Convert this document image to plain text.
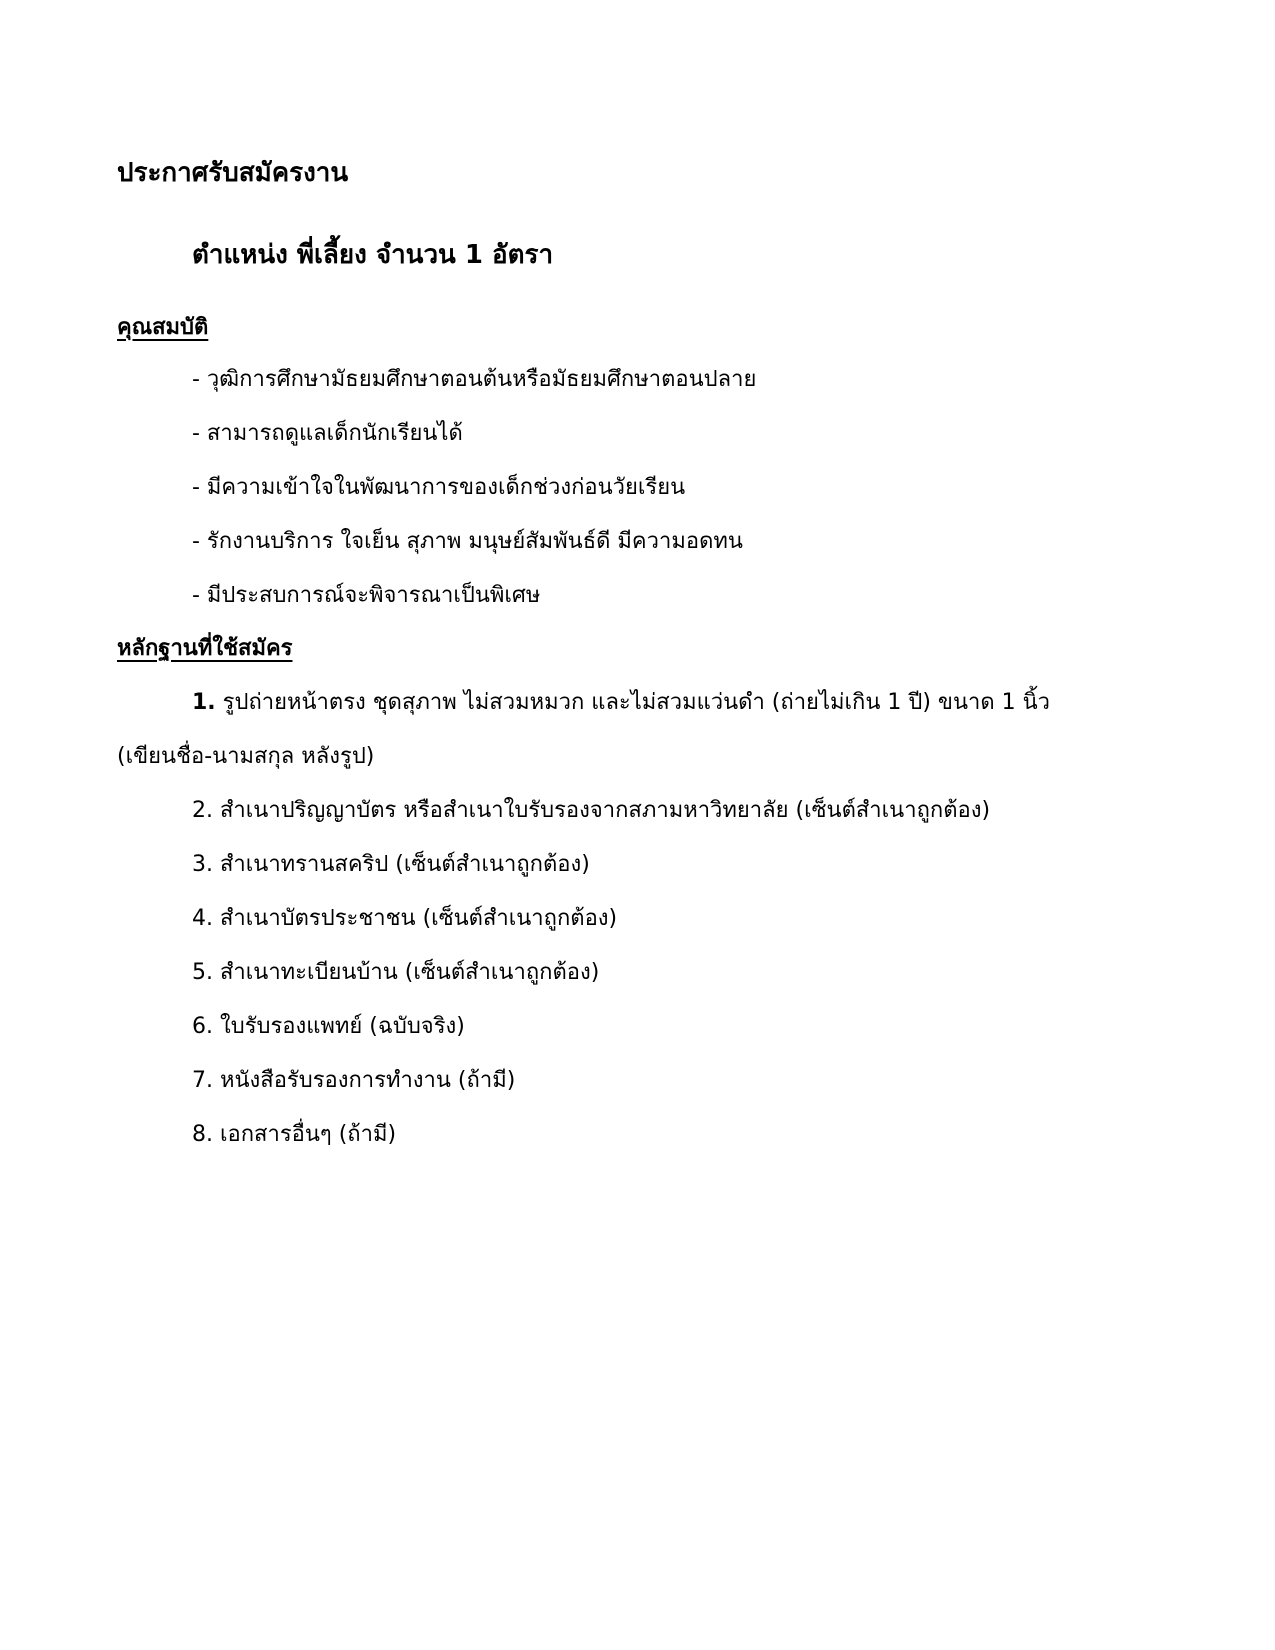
ประกาศรับสมัครงาน
ตำแหน่ง พี่เลี้ยง จำนวน 1 อัตรา
คุณสมบัติ
- วุฒิการศึกษามัธยมศึกษาตอนต้นหรือมัธยมศึกษาตอนปลาย
- สามารถดูแลเด็กนักเรียนได้
- มีความเข้าใจในพัฒนาการของเด็กช่วงก่อนวัยเรียน
- รักงานบริการ ใจเย็น สุภาพ มนุษย์สัมพันธ์ดี มีความอดทน
- มีประสบการณ์จะพิจารณาเป็นพิเศษ
หลักฐานที่ใช้สมัคร
1. รูปถ่ายหน้าตรง ชุดสุภาพ ไม่สวมหมวก และไม่สวมแว่นดำ (ถ่ายไม่เกิน 1 ปี) ขนาด 1 นิ้ว
(เขียนชื่อ-นามสกุล หลังรูป)
2. สำเนาปริญญาบัตร หรือสำเนาใบรับรองจากสภามหาวิทยาลัย (เซ็นต์สำเนาถูกต้อง)
3. สำเนาทรานสคริป (เซ็นต์สำเนาถูกต้อง)
4. สำเนาบัตรประชาชน (เซ็นต์สำเนาถูกต้อง)
5. สำเนาทะเบียนบ้าน (เซ็นต์สำเนาถูกต้อง)
6. ใบรับรองแพทย์ (ฉบับจริง)
7. หนังสือรับรองการทำงาน (ถ้ามี)
8. เอกสารอื่นๆ (ถ้ามี)
